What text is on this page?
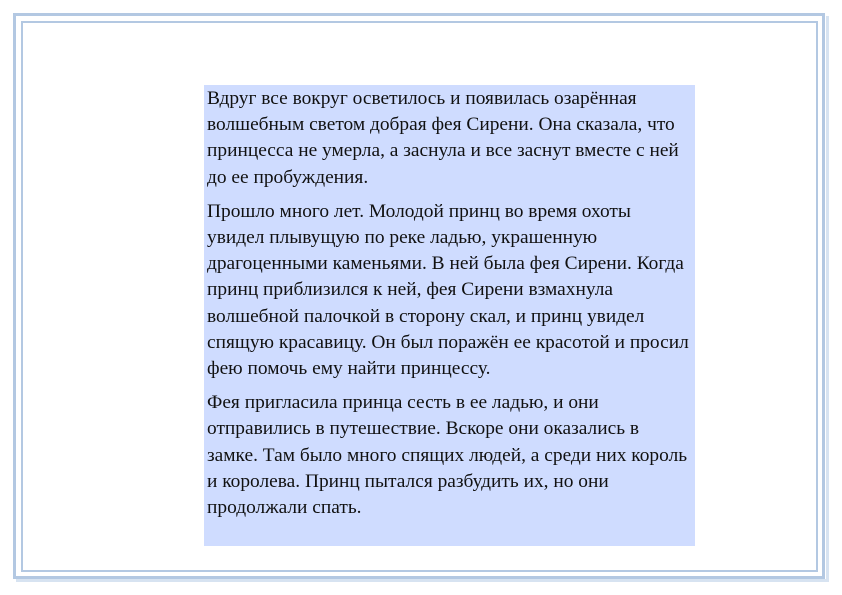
Вдруг все вокруг осветилось и появилась озарённая волшебным светом добрая фея Сирени. Она сказала, что принцесса не умерла, а заснула и все заснут вместе с ней до ее пробуждения.

Прошло много лет. Молодой принц во время охоты увидел плывущую по реке ладью, украшенную драгоценными каменьями. В ней была фея Сирени. Когда принц приблизился к ней, фея Сирени взмахнула волшебной палочкой в сторону скал, и принц увидел спящую красавицу. Он был поражён ее красотой и просил фею помочь ему найти принцессу.

Фея пригласила принца сесть в ее ладью, и они отправились в путешествие. Вскоре они оказались в замке. Там было много спящих людей, а среди них король и королева. Принц пытался разбудить их, но они продолжали спать.
